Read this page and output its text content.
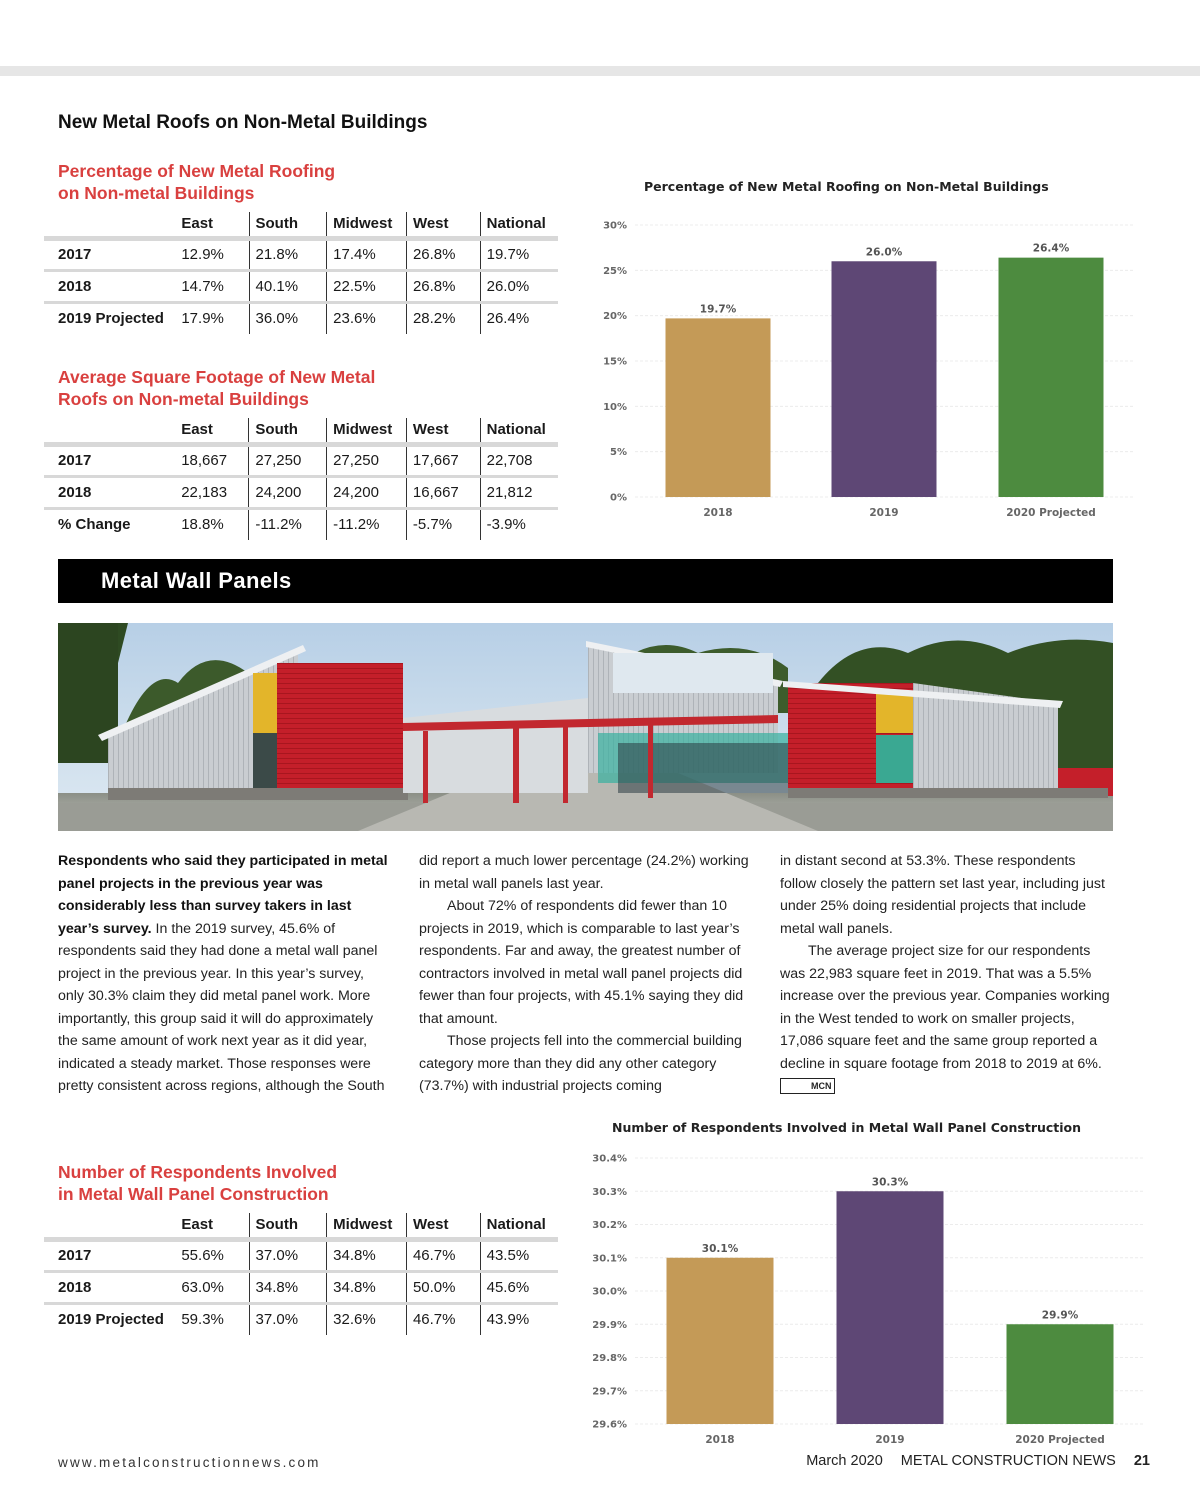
New Metal Roofs on Non-Metal Buildings
Percentage of New Metal Roofing
on Non-metal Buildings
	East	South	Midwest	West	National
2017	12.9%	21.8%	17.4%	26.8%	19.7%
2018	14.7%	40.1%	22.5%	26.8%	26.0%
2019 Projected	17.9%	36.0%	23.6%	28.2%	26.4%
Average Square Footage of New Metal
Roofs on Non-metal Buildings
	East	South	Midwest	West	National
2017	18,667	27,250	27,250	17,667	22,708
2018	22,183	24,200	24,200	16,667	21,812
% Change	18.8%	-11.2%	-11.2%	-5.7%	-3.9%
Percentage of New Metal Roofing on Non-Metal Buildings
0%
5%
10%
15%
20%
25%
30%
19.7%
2018
26.0%
2019
26.4%
2020 Projected
Metal Wall Panels

Respondents who said they participated in metal panel projects in the previous year was considerably less than survey takers in last year’s survey. In the 2019 survey, 45.6% of respondents said they had done a metal wall panel project in the previous year. In this year’s survey, only 30.3% claim they did metal panel work. More importantly, this group said it will do approximately the same amount of work next year as it did year, indicated a steady market. Those responses were pretty consistent across regions, although the South

did report a much lower percentage (24.2%) working in metal wall panels last year.

About 72% of respondents did fewer than 10 projects in 2019, which is comparable to last year’s respondents. Far and away, the greatest number of contractors involved in metal wall panel projects did fewer than four projects, with 45.1% saying they did that amount.

Those projects fell into the commercial building category more than they did any other category (73.7%) with industrial projects coming

in distant second at 53.3%. These respondents follow closely the pattern set last year, including just under 25% doing residential projects that include metal wall panels.

The average project size for our respondents was 22,983 square feet in 2019. That was a 5.5% increase over the previous year. Companies working in the West tended to work on smaller projects, 17,086 square feet and the same group reported a decline in square footage from 2018 to 2019 at 6%. MCN

Number of Respondents Involved in Metal Wall Panel Construction
29.6%
29.7%
29.8%
29.9%
30.0%
30.1%
30.2%
30.3%
30.4%
30.1%
2018
30.3%
2019
29.9%
2020 Projected
Number of Respondents Involved
in Metal Wall Panel Construction
	East	South	Midwest	West	National
2017	55.6%	37.0%	34.8%	46.7%	43.5%
2018	63.0%	34.8%	34.8%	50.0%	45.6%
2019 Projected	59.3%	37.0%	32.6%	46.7%	43.9%
www.metalconstructionnews.com	March 2020 METAL CONSTRUCTION NEWS 21
